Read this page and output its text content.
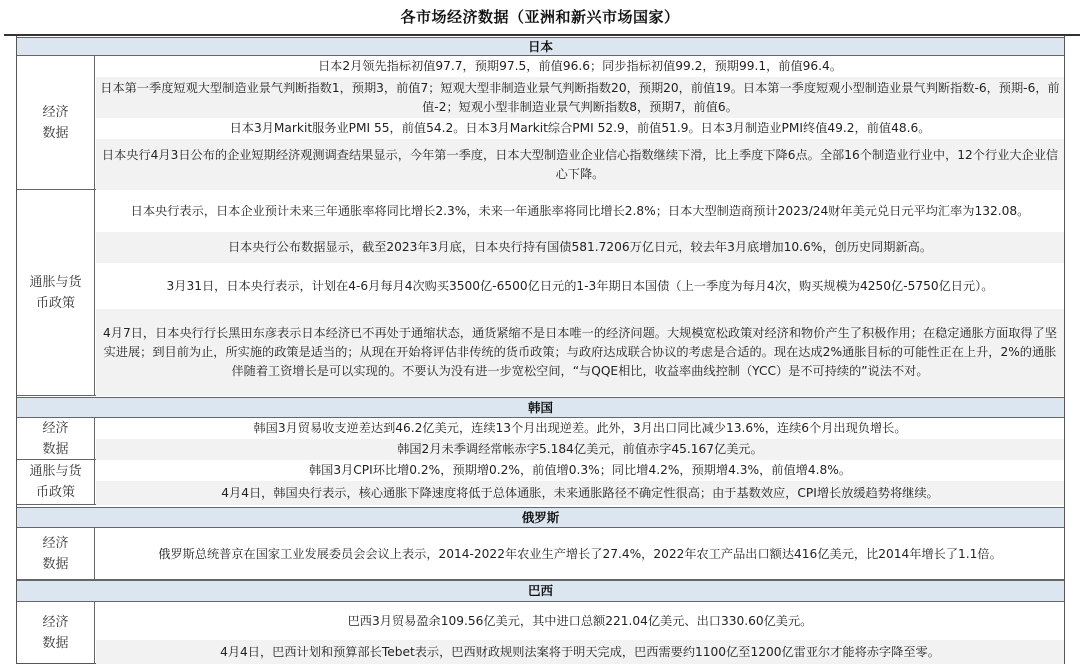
各市场经济数据（亚洲和新兴市场国家）
日本
经济
数据

日本2月领先指标初值97.7，预期97.5，前值96.6；同步指标初值99.2，预期99.1，前值96.4。

日本第一季度短观大型制造业景气判断指数1，预期3，前值7；短观大型非制造业景气判断指数20，预期20，前值19。日本第一季度短观小型制造业景气判断指数-6，预期-6，前值-2；短观小型非制造业景气判断指数8，预期7，前值6。

日本3月Markit服务业PMI 55，前值54.2。日本3月Markit综合PMI 52.9，前值51.9。日本3月制造业PMI终值49.2，前值48.6。

日本央行4月3日公布的企业短期经济观测调查结果显示，今年第一季度，日本大型制造业企业信心指数继续下滑，比上季度下降6点。全部16个制造业行业中，12个行业大企业信心下降。

通胀与货
币政策

日本央行表示，日本企业预计未来三年通胀率将同比增长2.3%，未来一年通胀率将同比增长2.8%；日本大型制造商预计2023/24财年美元兑日元平均汇率为132.08。

日本央行公布数据显示，截至2023年3月底，日本央行持有国债581.7206万亿日元，较去年3月底增加10.6%，创历史同期新高。

3月31日，日本央行表示，计划在4-6月每月4次购买3500亿-6500亿日元的1-3年期日本国债（上一季度为每月4次，购买规模为4250亿-5750亿日元）。

4月7日，日本央行行长黑田东彦表示日本经济已不再处于通缩状态，通货紧缩不是日本唯一的经济问题。大规模宽松政策对经济和物价产生了积极作用；在稳定通胀方面取得了坚实进展；到目前为止，所实施的政策是适当的；从现在开始将评估非传统的货币政策；与政府达成联合协议的考虑是合适的。现在达成2%通胀目标的可能性正在上升，2%的通胀伴随着工资增长是可以实现的。不要认为没有进一步宽松空间，“与QQE相比，收益率曲线控制（YCC）是不可持续的”说法不对。

韩国
经济
数据

韩国3月贸易收支逆差达到46.2亿美元，连续13个月出现逆差。此外，3月出口同比减少13.6%，连续6个月出现负增长。

韩国2月未季调经常帐赤字5.184亿美元，前值赤字45.167亿美元。

通胀与货
币政策

韩国3月CPI环比增0.2%，预期增0.2%，前值增0.3%；同比增4.2%，预期增4.3%，前值增4.8%。

4月4日，韩国央行表示，核心通胀下降速度将低于总体通胀，未来通胀路径不确定性很高；由于基数效应，CPI增长放缓趋势将继续。

俄罗斯
经济
数据

俄罗斯总统普京在国家工业发展委员会会议上表示，2014-2022年农业生产增长了27.4%，2022年农工产品出口额达416亿美元，比2014年增长了1.1倍。

巴西
经济
数据

巴西3月贸易盈余109.56亿美元，其中进口总额221.04亿美元、出口330.60亿美元。

4月4日，巴西计划和预算部长Tebet表示，巴西财政规则法案将于明天完成，巴西需要约1100亿至1200亿雷亚尔才能将赤字降至零。
